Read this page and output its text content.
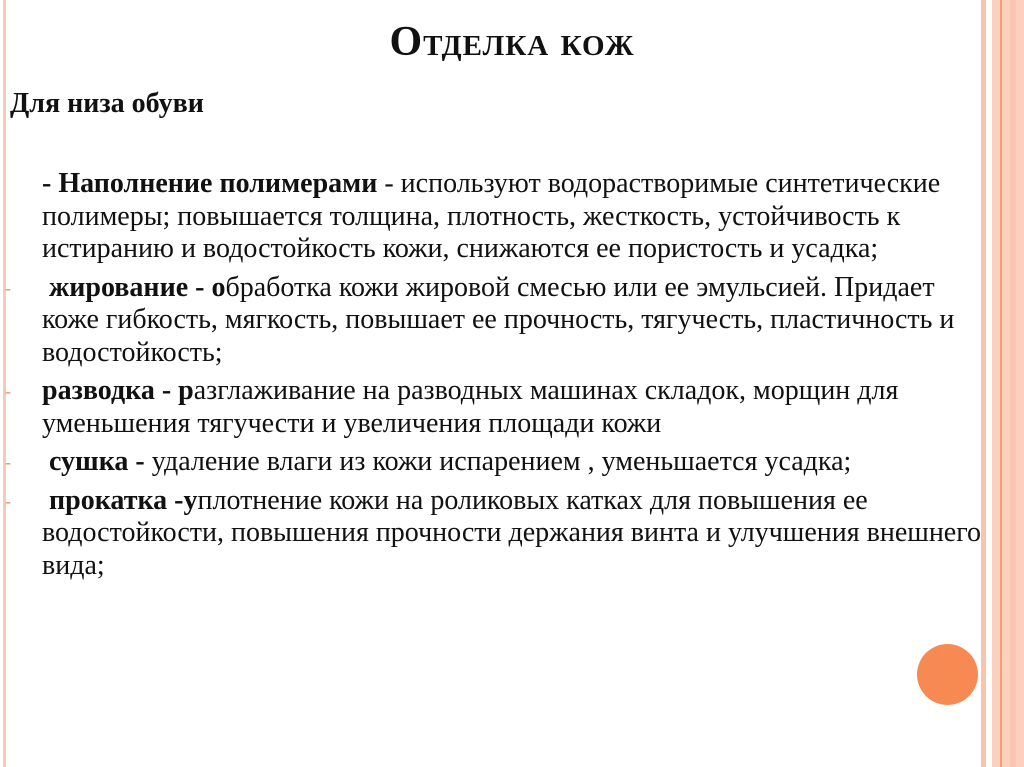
Отделка кож
Для низа обуви

- Наполнение полимерами - используют водорастворимые синтетические полимеры; повышается толщина, плотность, жесткость, устойчивость к истиранию и водостойкость кожи, снижаются ее пористость и усадка;

- жирование - обработка кожи жировой смесью или ее эмульсией. Придает коже гибкость, мягкость, повышает ее прочность, тягучесть, пластичность и водостойкость;

- разводка - разглаживание на разводных машинах складок, морщин для уменьшения тягучести и увеличения площади кожи

- сушка - удаление влаги из кожи испарением , уменьшается усадка;

- прокатка -уплотнение кожи на роликовых катках для повышения ее водостойкости, повышения прочности держания винта и улучшения внешнего вида;
